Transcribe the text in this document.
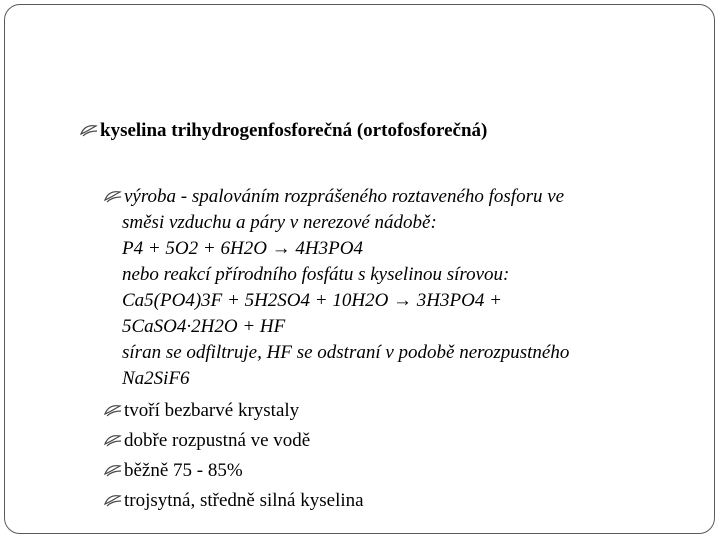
kyselina trihydrogenfosforečná (ortofosforečná)
výroba - spalováním rozprášeného roztaveného fosforu ve
směsi vzduchu a páry v nerezové nádobě:
P4 + 5O2 + 6H2O → 4H3PO4
nebo reakcí přírodního fosfátu s kyselinou sírovou:
Ca5(PO4)3F + 5H2SO4 + 10H2O → 3H3PO4 +
5CaSO4·2H2O + HF
síran se odfiltruje, HF se odstraní v podobě nerozpustného
Na2SiF6
tvoří bezbarvé krystaly
dobře rozpustná ve vodě
běžně 75 - 85%
trojsytná, středně silná kyselina
